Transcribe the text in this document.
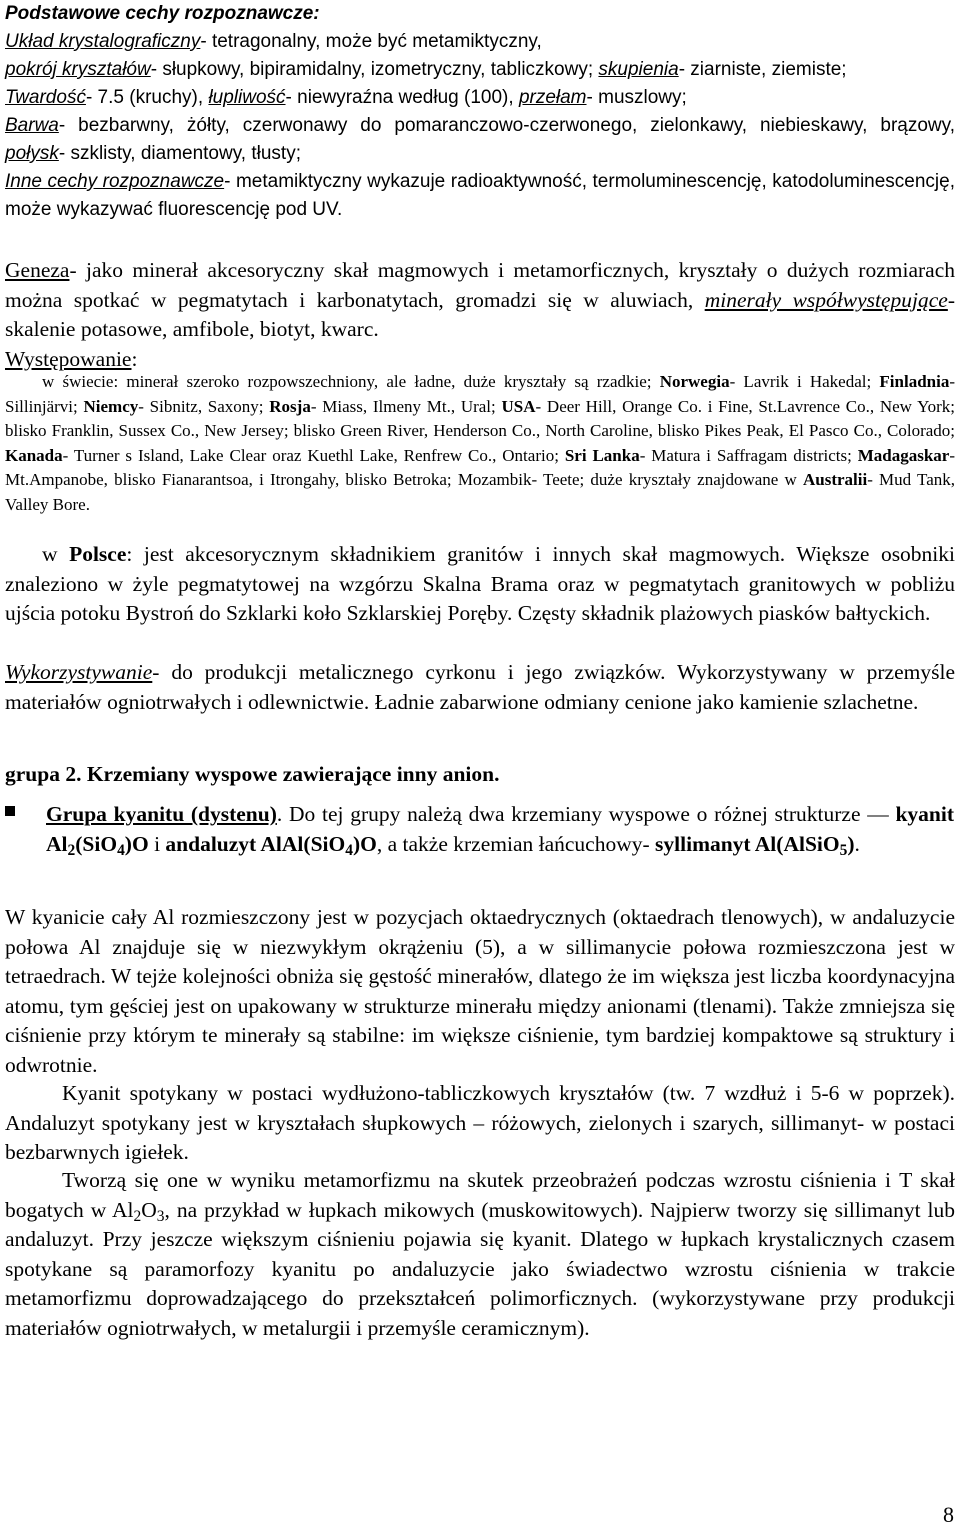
Podstawowe cechy rozpoznawcze:
Układ krystalograficzny- tetragonalny, może być metamiktyczny,
pokrój kryształów- słupkowy, bipiramidalny, izometryczny, tabliczkowy; skupienia- ziarniste, ziemiste;
Twardość- 7.5 (kruchy), łupliwość- niewyraźna według (100), przełam- muszlowy;
Barwa- bezbarwny, żółty, czerwonawy do pomaranczowo-czerwonego, zielonkawy, niebieskawy, brązowy, połysk- szklisty, diamentowy, tłusty;
Inne cechy rozpoznawcze- metamiktyczny wykazuje radioaktywność, termoluminescencję, katodoluminescencję, może wykazywać fluorescencję pod UV.

Geneza- jako minerał akcesoryczny skał magmowych i metamorficznych, kryształy o dużych rozmiarach można spotkać w pegmatytach i karbonatytach, gromadzi się w aluwiach, minerały współwystępujące- skalenie potasowe, amfibole, biotyt, kwarc.
Występowanie:

w świecie: minerał szeroko rozpowszechniony, ale ładne, duże kryształy są rzadkie; Norwegia- Lavrik i Hakedal; Finladnia- Sillinjärvi; Niemcy- Sibnitz, Saxony; Rosja- Miass, Ilmeny Mt., Ural; USA- Deer Hill, Orange Co. i Fine, St.Lavrence Co., New York; blisko Franklin, Sussex Co., New Jersey; blisko Green River, Henderson Co., North Caroline, blisko Pikes Peak, El Pasco Co., Colorado; Kanada- Turner s Island, Lake Clear oraz Kuethl Lake, Renfrew Co., Ontario; Sri Lanka- Matura i Saffragam districts; Madagaskar- Mt.Ampanobe, blisko Fianarantsoa, i Itrongahy, blisko Betroka; Mozambik- Teete; duże kryształy znajdowane w Australii- Mud Tank, Valley Bore.

w Polsce: jest akcesorycznym składnikiem granitów i innych skał magmowych. Większe osobniki znaleziono w żyle pegmatytowej na wzgórzu Skalna Brama oraz w pegmatytach granitowych w pobliżu ujścia potoku Bystroń do Szklarki koło Szklarskiej Poręby. Częsty składnik plażowych piasków bałtyckich.

Wykorzystywanie- do produkcji metalicznego cyrkonu i jego związków. Wykorzystywany w przemyśle materiałów ogniotrwałych i odlewnictwie. Ładnie zabarwione odmiany cenione jako kamienie szlachetne.

grupa 2. Krzemiany wyspowe zawierające inny anion.

Grupa kyanitu (dystenu). Do tej grupy należą dwa krzemiany wyspowe o różnej strukturze — kyanit $Al_2(SiO_4)O$ i andaluzyt AlAl(SiO$_4$)O, a także krzemian łańcuchowy- syllimanyt Al(AlSiO$_5$).

W kyanicie cały Al rozmieszczony jest w pozycjach oktaedrycznych (oktaedrach tlenowych), w andaluzycie połowa Al znajduje się w niezwykłym okrążeniu (5), a w sillimanycie połowa rozmieszczona jest w tetraedrach. W tejże kolejności obniża się gęstość minerałów, dlatego że im większa jest liczba koordynacyjna atomu, tym gęściej jest on upakowany w strukturze minerału między anionami (tlenami). Także zmniejsza się ciśnienie przy którym te minerały są stabilne: im większe ciśnienie, tym bardziej kompaktowe są struktury i odwrotnie.

Kyanit spotykany w postaci wydłużono-tabliczkowych kryształów (tw. 7 wzdłuż i 5-6 w poprzek). Andaluzyt spotykany jest w kryształach słupkowych – różowych, zielonych i szarych, sillimanyt- w postaci bezbarwnych igiełek.

Tworzą się one w wyniku metamorfizmu na skutek przeobrażeń podczas wzrostu ciśnienia i T skał bogatych w $Al_2O_3$, na przykład w łupkach mikowych (muskowitowych). Najpierw tworzy się sillimanyt lub andaluzyt. Przy jeszcze większym ciśnieniu pojawia się kyanit. Dlatego w łupkach krystalicznych czasem spotykane są paramorfozy kyanitu po andaluzycie jako świadectwo wzrostu ciśnienia w trakcie metamorfizmu doprowadzającego do przekształceń polimorficznych. (wykorzystywane przy produkcji materiałów ogniotrwałych, w metalurgii i przemyśle ceramicznym).

8
